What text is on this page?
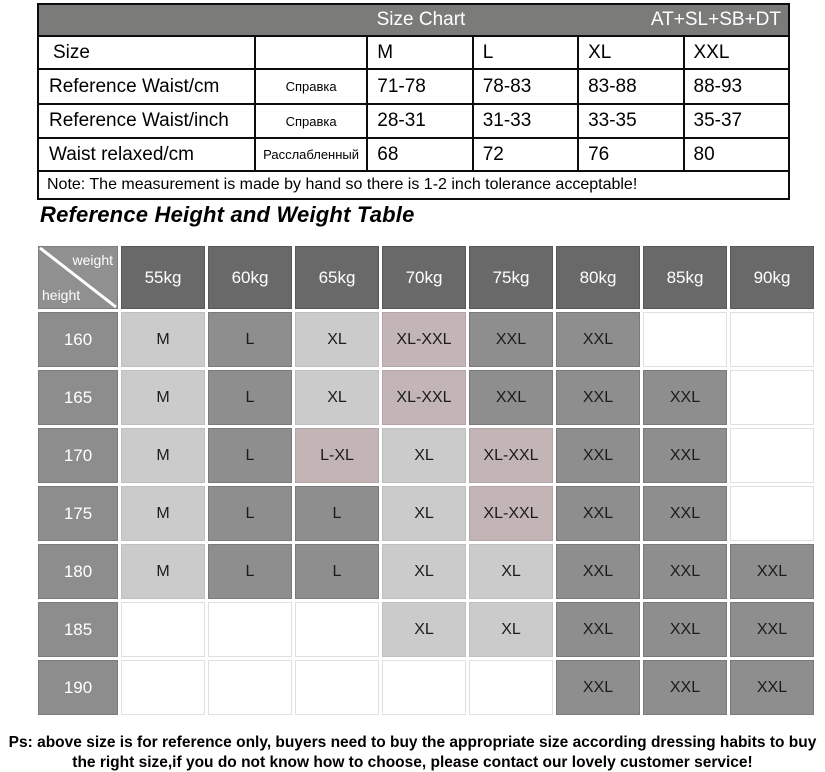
Size Chart AT+SL+SB+DT					

Size		M	L	XL	XXL
Reference Waist/cm	Справка	71-78	78-83	83-88	88-93
Reference Waist/inch	Справка	28-31	31-33	33-35	35-37
Waist relaxed/cm	Расслабленный	68	72	76	80
Note: The measurement is made by hand so there is 1-2 inch tolerance acceptable!					
Reference Height and Weight Table
weight
height	55kg	60kg	65kg	70kg	75kg	80kg	85kg	90kg
160	M	L	XL	XL-XXL	XXL	XXL		
165	M	L	XL	XL-XXL	XXL	XXL	XXL	
170	M	L	L-XL	XL	XL-XXL	XXL	XXL	
175	M	L	L	XL	XL-XXL	XXL	XXL	
180	M	L	L	XL	XL	XXL	XXL	XXL
185				XL	XL	XXL	XXL	XXL
190						XXL	XXL	XXL
Ps: above size is for reference only, buyers need to buy the appropriate size according dressing habits to buy
the right size,if you do not know how to choose, please contact our lovely customer service!
